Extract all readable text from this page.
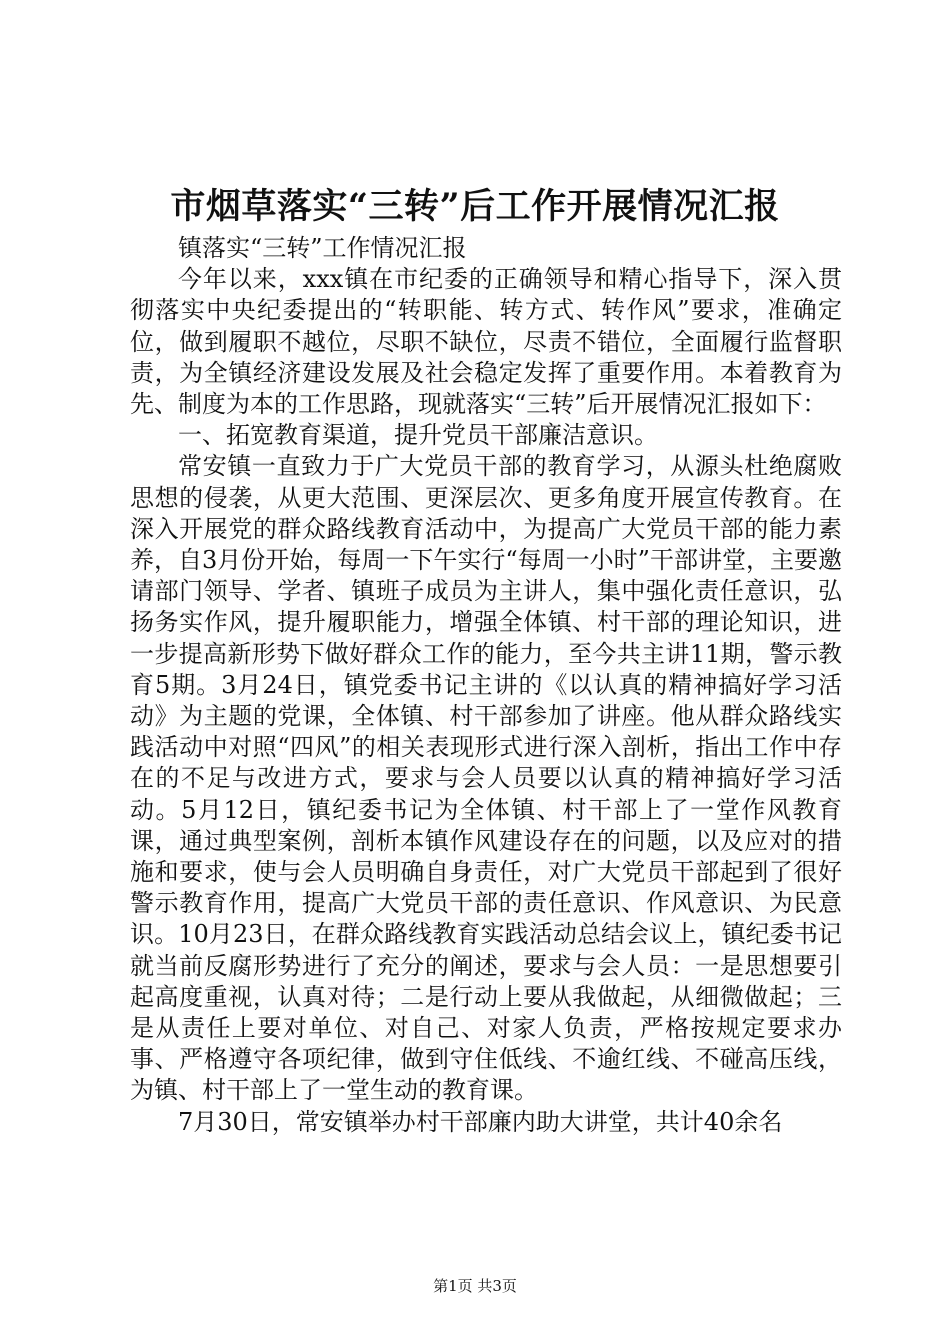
市烟草落实“三转”后工作开展情况汇报

镇落实“三转”工作情况汇报

今年以来，xxx镇在市纪委的正确领导和精心指导下，深入贯彻落实中央纪委提出的“转职能、转方式、转作风”要求，准确定位，做到履职不越位，尽职不缺位，尽责不错位，全面履行监督职责，为全镇经济建设发展及社会稳定发挥了重要作用。本着教育为先、制度为本的工作思路，现就落实“三转”后开展情况汇报如下：

一、拓宽教育渠道，提升党员干部廉洁意识。

常安镇一直致力于广大党员干部的教育学习，从源头杜绝腐败思想的侵袭，从更大范围、更深层次、更多角度开展宣传教育。在深入开展党的群众路线教育活动中，为提高广大党员干部的能力素养，自3月份开始，每周一下午实行“每周一小时”干部讲堂，主要邀请部门领导、学者、镇班子成员为主讲人，集中强化责任意识，弘扬务实作风，提升履职能力，增强全体镇、村干部的理论知识，进一步提高新形势下做好群众工作的能力，至今共主讲11期，警示教育5期。3月24日，镇党委书记主讲的《以认真的精神搞好学习活动》为主题的党课，全体镇、村干部参加了讲座。他从群众路线实践活动中对照“四风”的相关表现形式进行深入剖析，指出工作中存在的不足与改进方式，要求与会人员要以认真的精神搞好学习活动。5月12日，镇纪委书记为全体镇、村干部上了一堂作风教育课，通过典型案例，剖析本镇作风建设存在的问题，以及应对的措施和要求，使与会人员明确自身责任，对广大党员干部起到了很好警示教育作用，提高广大党员干部的责任意识、作风意识、为民意识。10月23日，在群众路线教育实践活动总结会议上，镇纪委书记就当前反腐形势进行了充分的阐述，要求与会人员：一是思想要引起高度重视，认真对待；二是行动上要从我做起，从细微做起；三是从责任上要对单位、对自己、对家人负责，严格按规定要求办事、严格遵守各项纪律，做到守住低线、不逾红线、不碰高压线，为镇、村干部上了一堂生动的教育课。

7月30日，常安镇举办村干部廉内助大讲堂，共计40余名

第1页 共3页
